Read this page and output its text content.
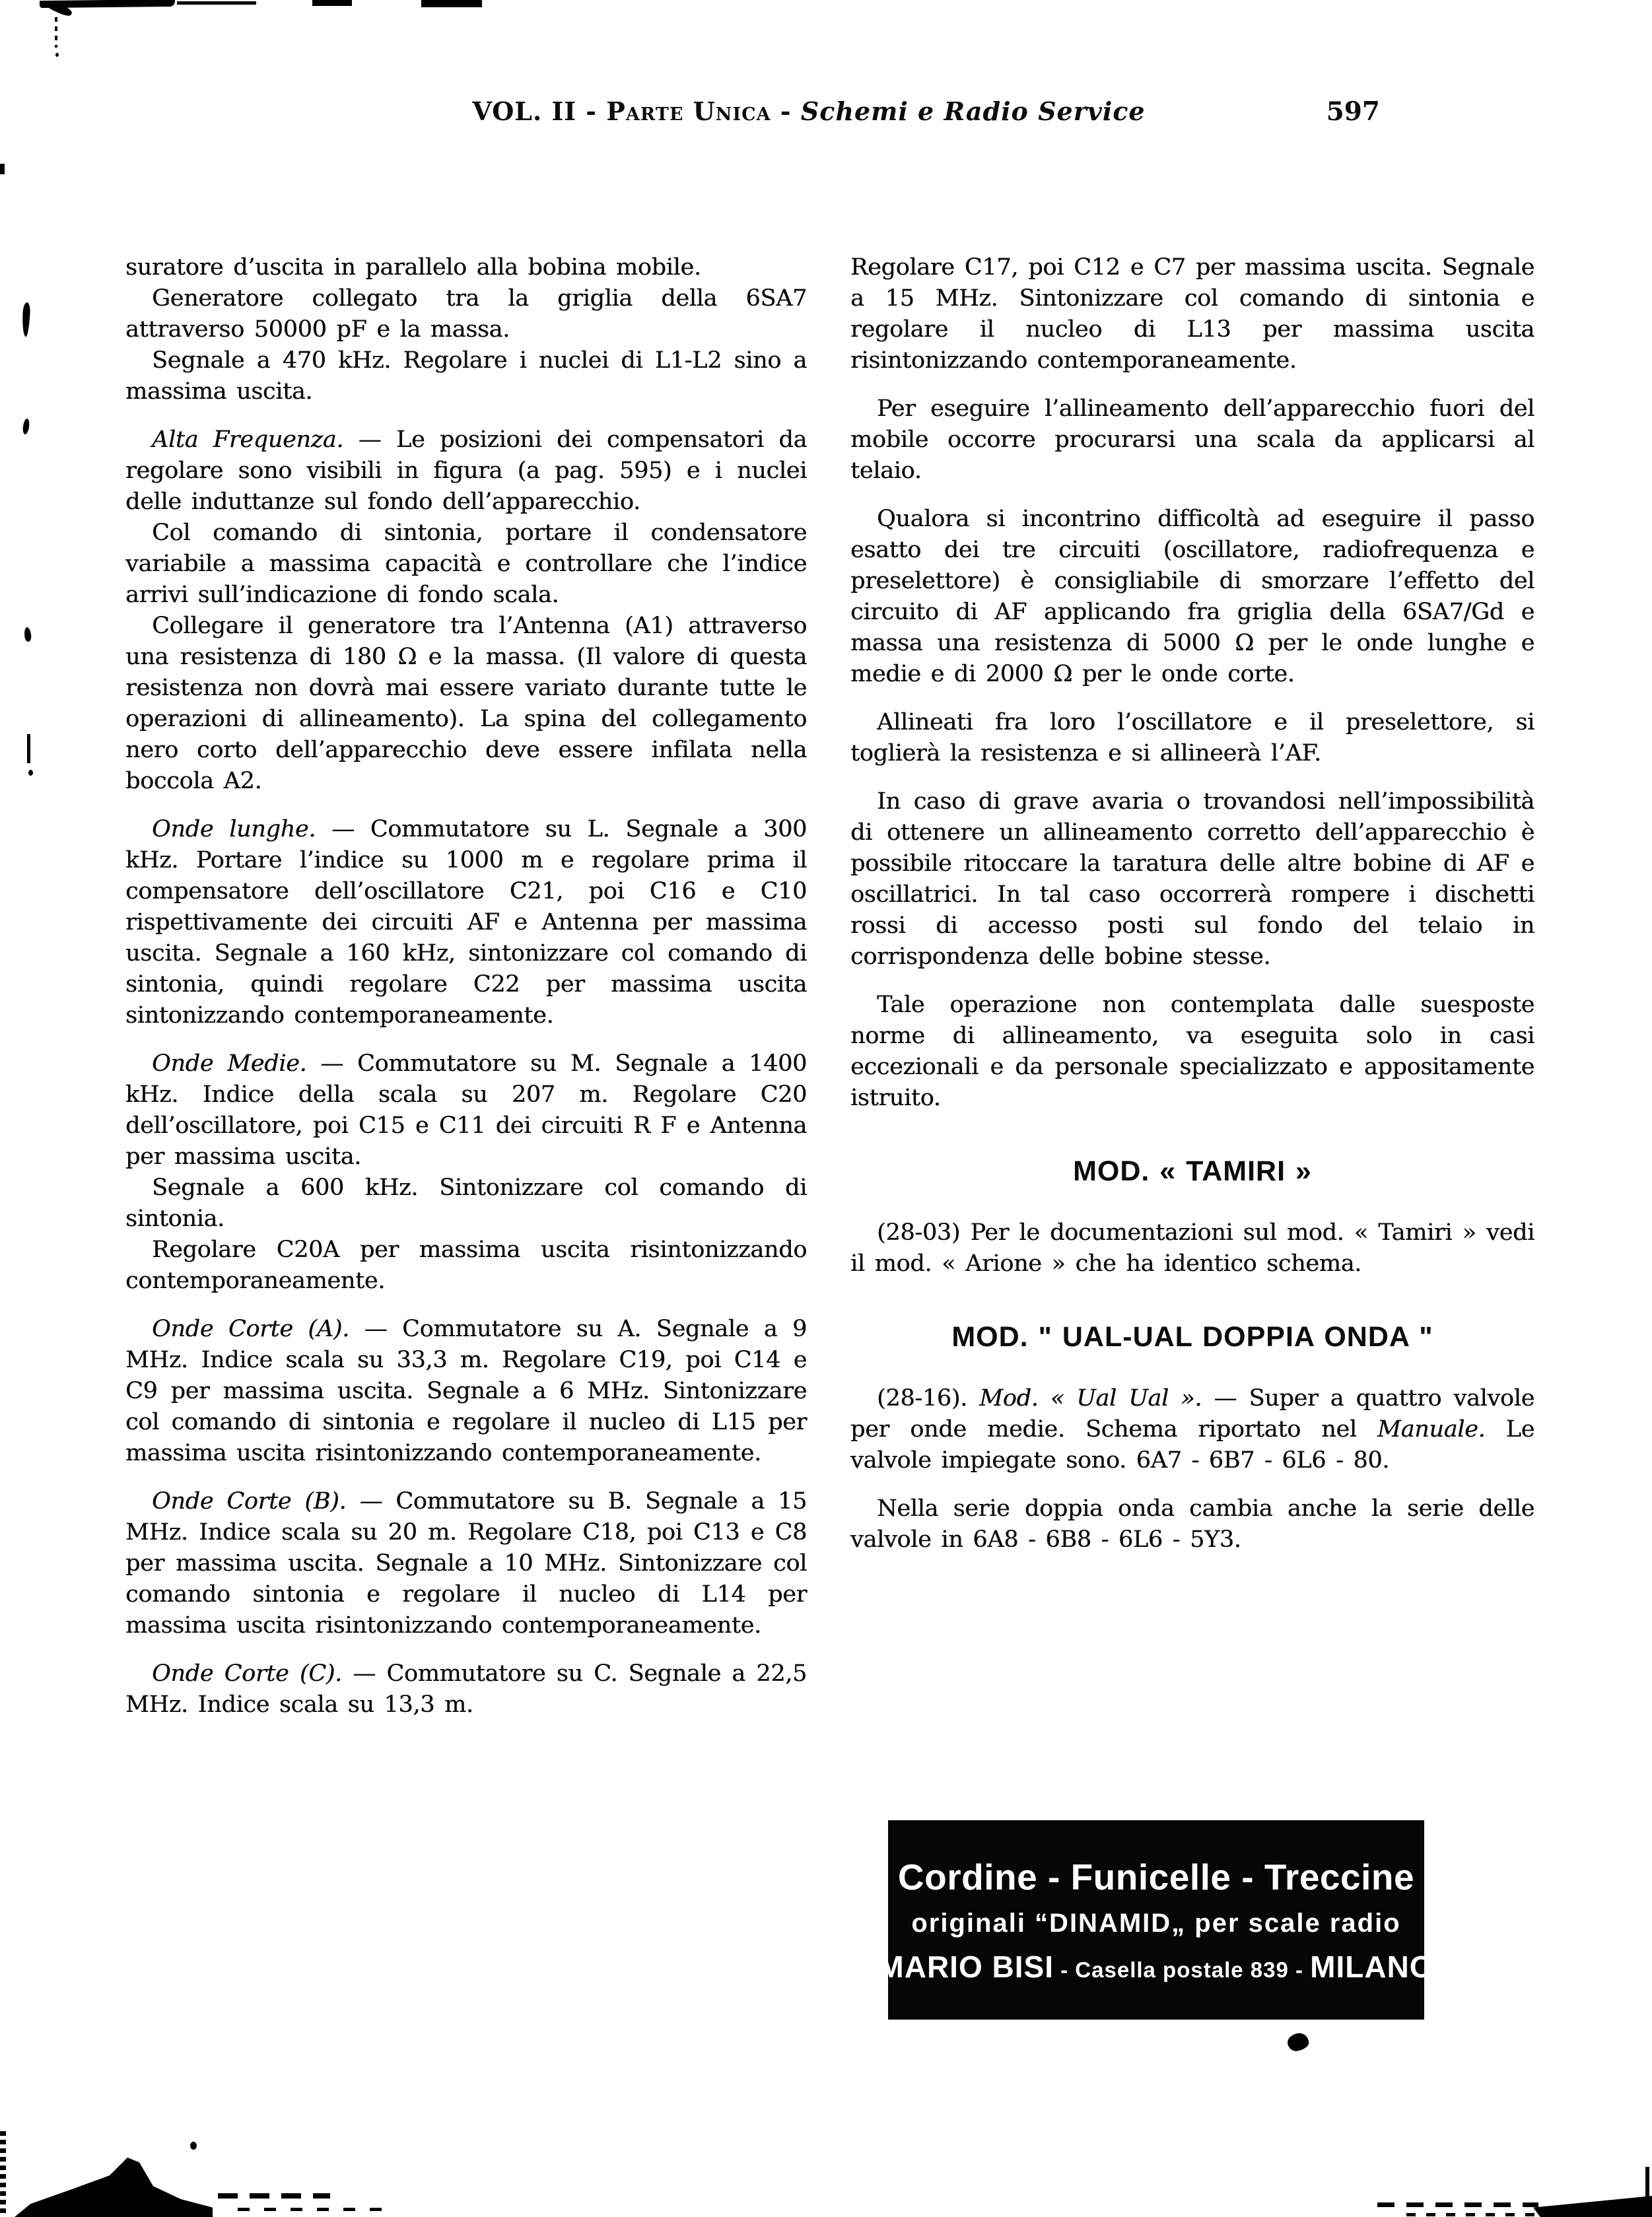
VOL. II - Parte Unica - Schemi e Radio Service	597

suratore d’uscita in parallelo alla bobina mobile.

Generatore collegato tra la griglia della 6SA7 attraverso 50000 pF e la massa.

Segnale a 470 kHz. Regolare i nuclei di L1-L2 sino a massima uscita.

Alta Frequenza. — Le posizioni dei compensatori da regolare sono visibili in figura (a pag. 595) e i nuclei delle induttanze sul fondo dell’apparecchio.

Col comando di sintonia, portare il condensatore variabile a massima capacità e controllare che l’indice arrivi sull’indicazione di fondo scala.

Collegare il generatore tra l’Antenna (A1) attraverso una resistenza di 180 Ω e la massa. (Il valore di questa resistenza non dovrà mai essere variato durante tutte le operazioni di allineamento). La spina del collegamento nero corto dell’apparecchio deve essere infilata nella boccola A2.

Onde lunghe. — Commutatore su L. Segnale a 300 kHz. Portare l’indice su 1000 m e regolare prima il compensatore dell’oscillatore C21, poi C16 e C10 rispettivamente dei circuiti AF e Antenna per massima uscita. Segnale a 160 kHz, sintonizzare col comando di sintonia, quindi regolare C22 per massima uscita sintonizzando contemporaneamente.

Onde Medie. — Commutatore su M. Segnale a 1400 kHz. Indice della scala su 207 m. Regolare C20 dell’oscillatore, poi C15 e C11 dei circuiti R F e Antenna per massima uscita.

Segnale a 600 kHz. Sintonizzare col comando di sintonia.

Regolare C20A per massima uscita risintonizzando contemporaneamente.

Onde Corte (A). — Commutatore su A. Segnale a 9 MHz. Indice scala su 33,3 m. Regolare C19, poi C14 e C9 per massima uscita. Segnale a 6 MHz. Sintonizzare col comando di sintonia e regolare il nucleo di L15 per massima uscita risintonizzando contemporaneamente.

Onde Corte (B). — Commutatore su B. Segnale a 15 MHz. Indice scala su 20 m. Regolare C18, poi C13 e C8 per massima uscita. Segnale a 10 MHz. Sintonizzare col comando sintonia e regolare il nucleo di L14 per massima uscita risintonizzando contemporaneamente.

Onde Corte (C). — Commutatore su C. Segnale a 22,5 MHz. Indice scala su 13,3 m.

Regolare C17, poi C12 e C7 per massima uscita. Segnale a 15 MHz. Sintonizzare col comando di sintonia e regolare il nucleo di L13 per massima uscita risintonizzando contemporaneamente.

Per eseguire l’allineamento dell’apparecchio fuori del mobile occorre procurarsi una scala da applicarsi al telaio.

Qualora si incontrino difficoltà ad eseguire il passo esatto dei tre circuiti (oscillatore, radiofrequenza e preselettore) è consigliabile di smorzare l’effetto del circuito di AF applicando fra griglia della 6SA7/Gd e massa una resistenza di 5000 Ω per le onde lunghe e medie e di 2000 Ω per le onde corte.

Allineati fra loro l’oscillatore e il preselettore, si toglierà la resistenza e si allineerà l’AF.

In caso di grave avaria o trovandosi nell’impossibilità di ottenere un allineamento corretto dell’apparecchio è possibile ritoccare la taratura delle altre bobine di AF e oscillatrici. In tal caso occorrerà rompere i dischetti rossi di accesso posti sul fondo del telaio in corrispondenza delle bobine stesse.

Tale operazione non contemplata dalle suesposte norme di allineamento, va eseguita solo in casi eccezionali e da personale specializzato e appositamente istruito.

MOD. « TAMIRI »

(28-03) Per le documentazioni sul mod. « Tamiri » vedi il mod. « Arione » che ha identico schema.

MOD. " UAL-UAL DOPPIA ONDA "

(28-16). Mod. « Ual Ual ». — Super a quattro valvole per onde medie. Schema riportato nel Manuale. Le valvole impiegate sono. 6A7 - 6B7 - 6L6 - 80.

Nella serie doppia onda cambia anche la serie delle valvole in 6A8 - 6B8 - 6L6 - 5Y3.

Cordine - Funicelle - Treccine
originali “DINAMID„ per scale radio
MARIO BISI - Casella postale 839 - MILANO
